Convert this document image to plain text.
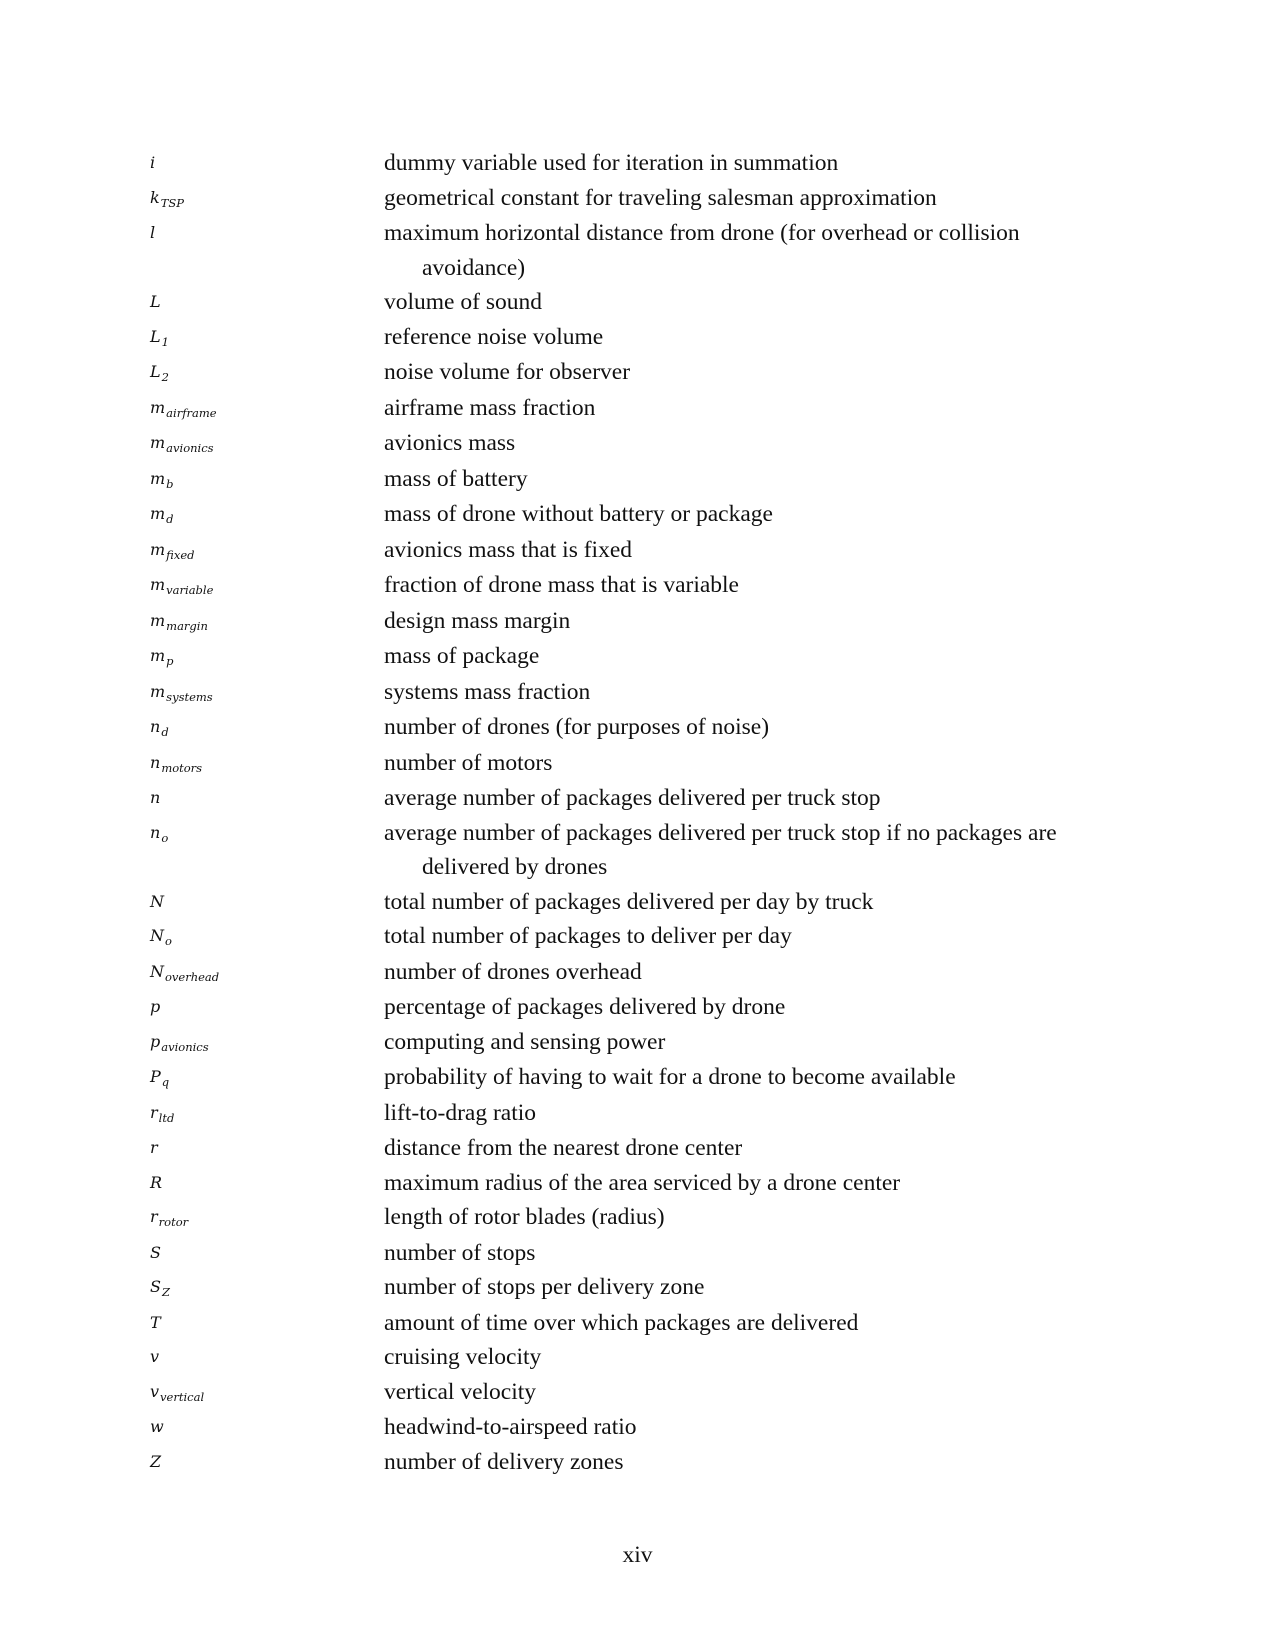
i	dummy variable used for iteration in summation
$k_{TSP}$	geometrical constant for traveling salesman approximation
l	maximum horizontal distance from drone (for overhead or collision avoidance)
L	volume of sound
$L_1$	reference noise volume
$L_2$	noise volume for observer
$m_{airframe}$	airframe mass fraction
$m_{avionics}$	avionics mass
$m_b$	mass of battery
$m_d$	mass of drone without battery or package
$m_{fixed}$	avionics mass that is fixed
$m_{variable}$	fraction of drone mass that is variable
$m_{margin}$	design mass margin
$m_p$	mass of package
$m_{systems}$	systems mass fraction
$n_d$	number of drones (for purposes of noise)
$n_{motors}$	number of motors
n	average number of packages delivered per truck stop
$n_o$	average number of packages delivered per truck stop if no packages are delivered by drones
N	total number of packages delivered per day by truck
$N_o$	total number of packages to deliver per day
$N_{overhead}$	number of drones overhead
p	percentage of packages delivered by drone
$p_{avionics}$	computing and sensing power
$P_q$	probability of having to wait for a drone to become available
$r_{ltd}$	lift-to-drag ratio
r	distance from the nearest drone center
R	maximum radius of the area serviced by a drone center
$r_{rotor}$	length of rotor blades (radius)
S	number of stops
$S_Z$	number of stops per delivery zone
T	amount of time over which packages are delivered
v	cruising velocity
$v_{vertical}$	vertical velocity
w	headwind-to-airspeed ratio
Z	number of delivery zones
xiv
